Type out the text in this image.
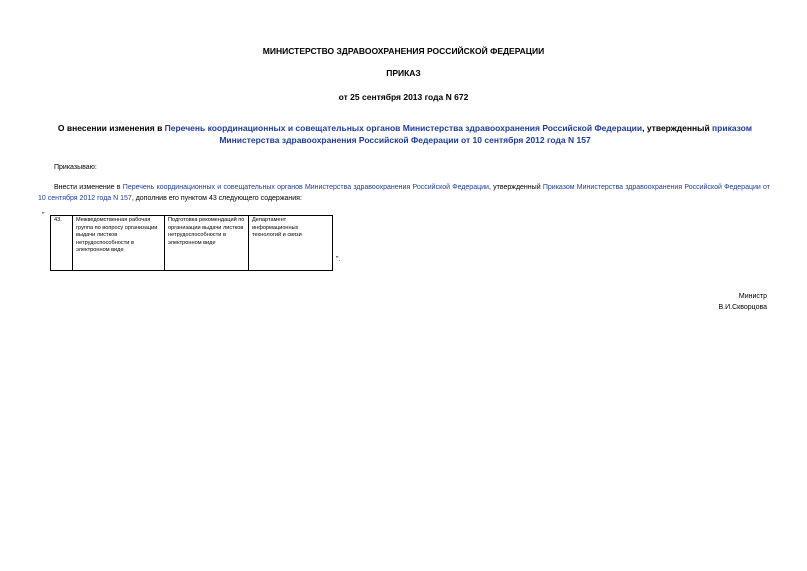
МИНИСТЕРСТВО ЗДРАВООХРАНЕНИЯ РОССИЙСКОЙ ФЕДЕРАЦИИ
ПРИКАЗ
от 25 сентября 2013 года N 672
О внесении изменения в Перечень координационных и совещательных органов Министерства здравоохранения Российской Федерации, утвержденный приказом Министерства здравоохранения Российской Федерации от 10 сентября 2012 года N 157
Приказываю:
Внести изменение в Перечень координационных и совещательных органов Министерства здравоохранения Российской Федерации, утвержденный Приказом Министерства здравоохранения Российской Федерации от 10 сентября 2012 года N 157, дополнив его пунктом 43 следующего содержания:
"
43.	Межведомственная рабочая группа по вопросу организации выдачи листков нетрудоспособности в электронном виде	Подготовка рекомендаций по организации выдачи листков нетрудоспособности в электронном виде	Департамент информационных технологий и связи
".
Министр
В.И.Скворцова
